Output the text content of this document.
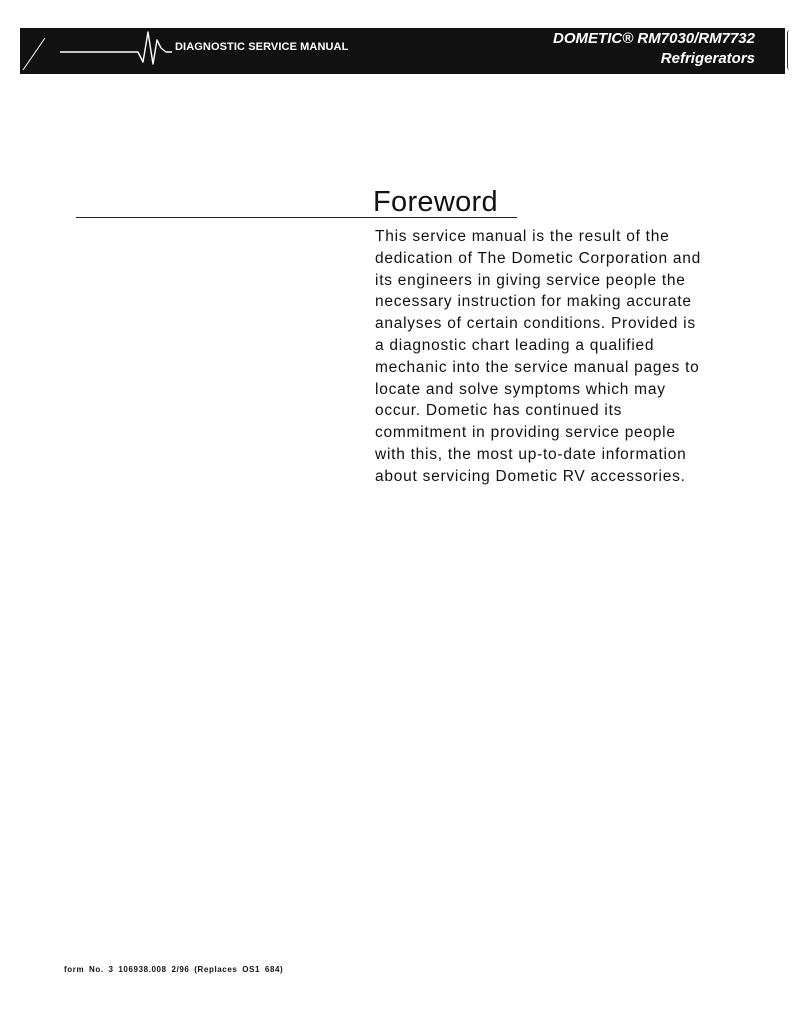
DIAGNOSTIC SERVICE MANUAL	DOMETIC® RM7030/RM7732
Refrigerators
Foreword

This service manual is the result of the
dedication of The Dometic Corporation and
its engineers in giving service people the
necessary instruction for making accurate
analyses of certain conditions. Provided is
a diagnostic chart leading a qualified
mechanic into the service manual pages to
locate and solve symptoms which may
occur. Dometic has continued its
commitment in providing service people
with this, the most up-to-date information
about servicing Dometic RV accessories.

form No. 3 106938.008 2/96 (Replaces OS1 684)
